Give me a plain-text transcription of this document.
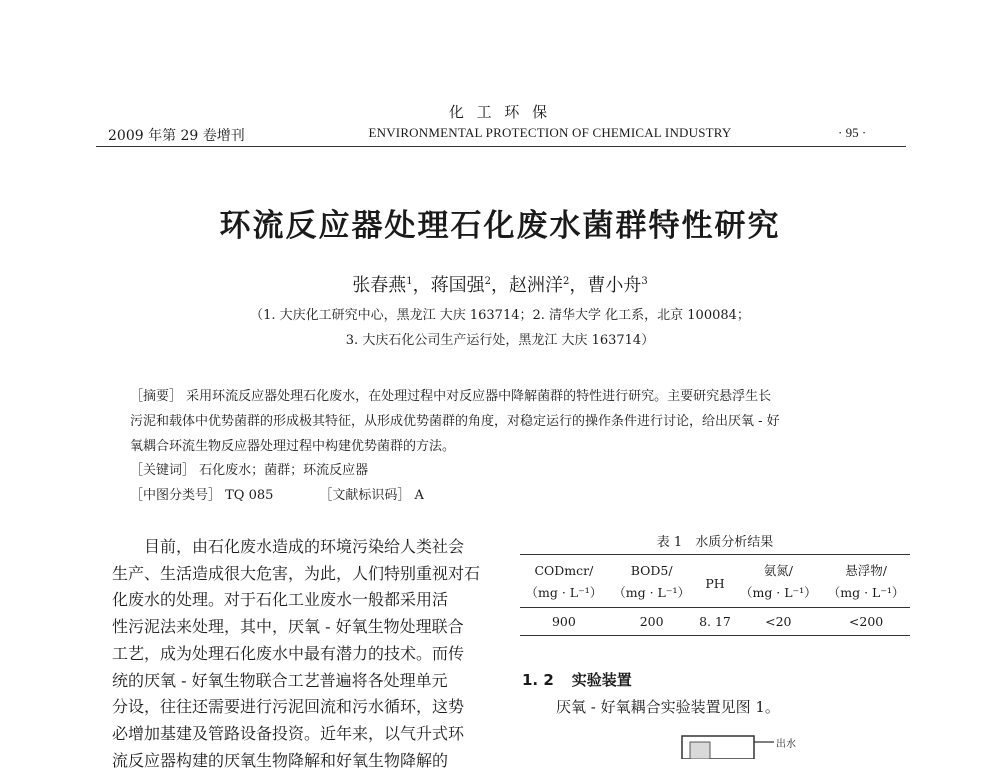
化 工 环 保
2009 年第 29 卷增刊	ENVIRONMENTAL PROTECTION OF CHEMICAL INDUSTRY	· 95 ·
环流反应器处理石化废水菌群特性研究
张春燕$^1$，蒋国强$^2$，赵洲洋$^2$，曹小舟$^3$
（1. 大庆化工研究中心，黑龙江 大庆 163714；2. 清华大学 化工系，北京 100084；
3. 大庆石化公司生产运行处，黑龙江 大庆 163714）
［摘要］ 采用环流反应器处理石化废水，在处理过程中对反应器中降解菌群的特性进行研究。主要研究悬浮生长
污泥和载体中优势菌群的形成极其特征，从形成优势菌群的角度，对稳定运行的操作条件进行讨论，给出厌氧 - 好
氧耦合环流生物反应器处理过程中构建优势菌群的方法。
［关键词］ 石化废水；菌群；环流反应器
［中图分类号］ TQ 085	［文献标识码］ A
目前，由石化废水造成的环境污染给人类社会
生产、生活造成很大危害，为此，人们特别重视对石
化废水的处理。对于石化工业废水一般都采用活
性污泥法来处理，其中，厌氧 - 好氧生物处理联合
工艺，成为处理石化废水中最有潜力的技术。而传
统的厌氧 - 好氧生物联合工艺普遍将各处理单元
分设，往往还需要进行污泥回流和污水循环，这势
必增加基建及管路设备投资。近年来，以气升式环
流反应器构建的厌氧生物降解和好氧生物降解的
表 1　水质分析结果
CODmcr/	BOD5/	PH	氨氮/	悬浮物/
（mg · L⁻¹）	（mg · L⁻¹）		（mg · L⁻¹）	（mg · L⁻¹）
900	200	8. 17	<20	<200
1. 2 实验装置
厌氧 - 好氧耦合实验装置见图 1。
出水
